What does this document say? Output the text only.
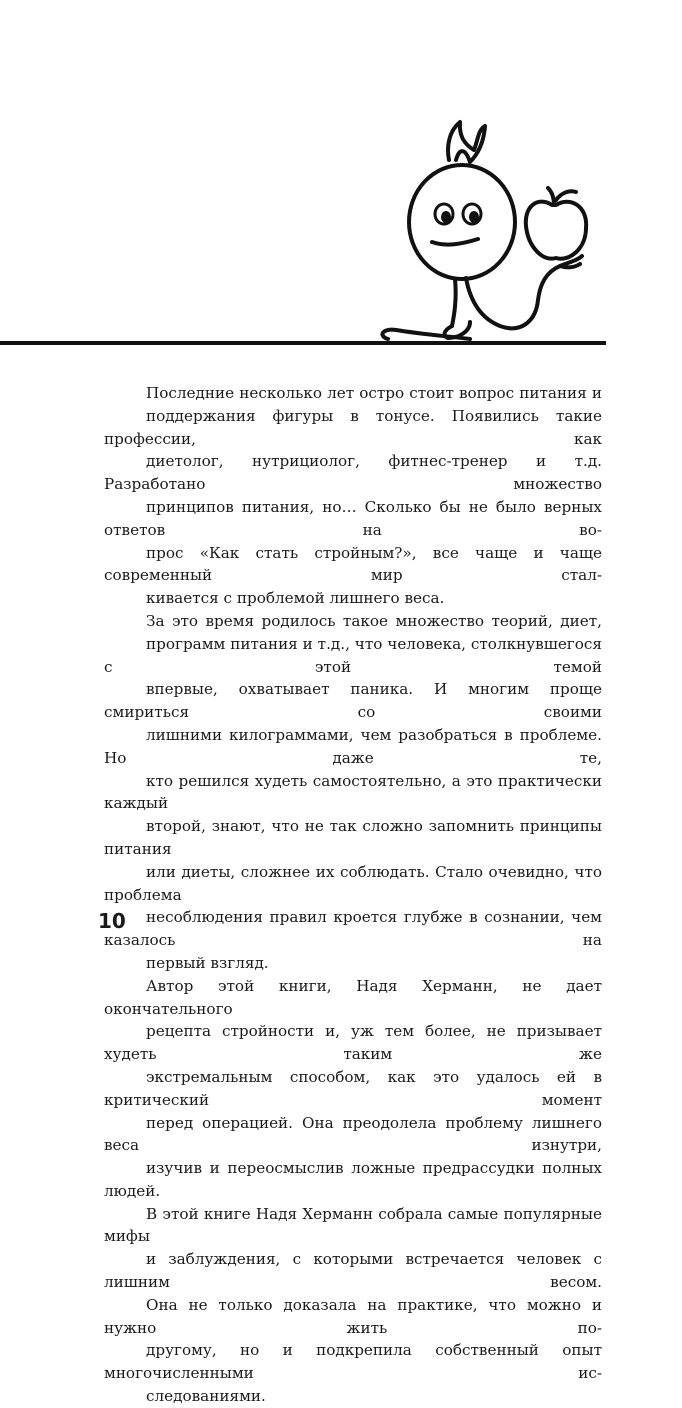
Последние несколько лет остро стоит вопрос питания и
поддержания фигуры в тонусе. Появились такие профессии, как
диетолог, нутрициолог, фитнес-тренер и т.д. Разработано множество
принципов питания, но… Сколько бы не было верных ответов на во-
прос «Как стать стройным?», все чаще и чаще современный мир стал-
кивается с проблемой лишнего веса.

За это время родилось такое множество теорий, диет,
программ питания и т.д., что человека, столкнувшегося с этой темой
впервые, охватывает паника. И многим проще смириться со своими
лишними килограммами, чем разобраться в проблеме. Но даже те,
кто решился худеть самостоятельно, а это практически каждый
второй, знают, что не так сложно запомнить принципы питания
или диеты, сложнее их соблюдать. Стало очевидно, что проблема
несоблюдения правил кроется глубже в сознании, чем казалось на
первый взгляд.

Автор этой книги, Надя Херманн, не дает окончательного
рецепта стройности и, уж тем более, не призывает худеть таким же
экстремальным способом, как это удалось ей в критический момент
перед операцией. Она преодолела проблему лишнего веса изнутри,
изучив и переосмыслив ложные предрассудки полных людей.

В этой книге Надя Херманн собрала самые популярные мифы
и заблуждения, с которыми встречается человек с лишним весом.
Она не только доказала на практике, что можно и нужно жить по-
другому, но и подкрепила собственный опыт многочисленными ис-
следованиями.

10
